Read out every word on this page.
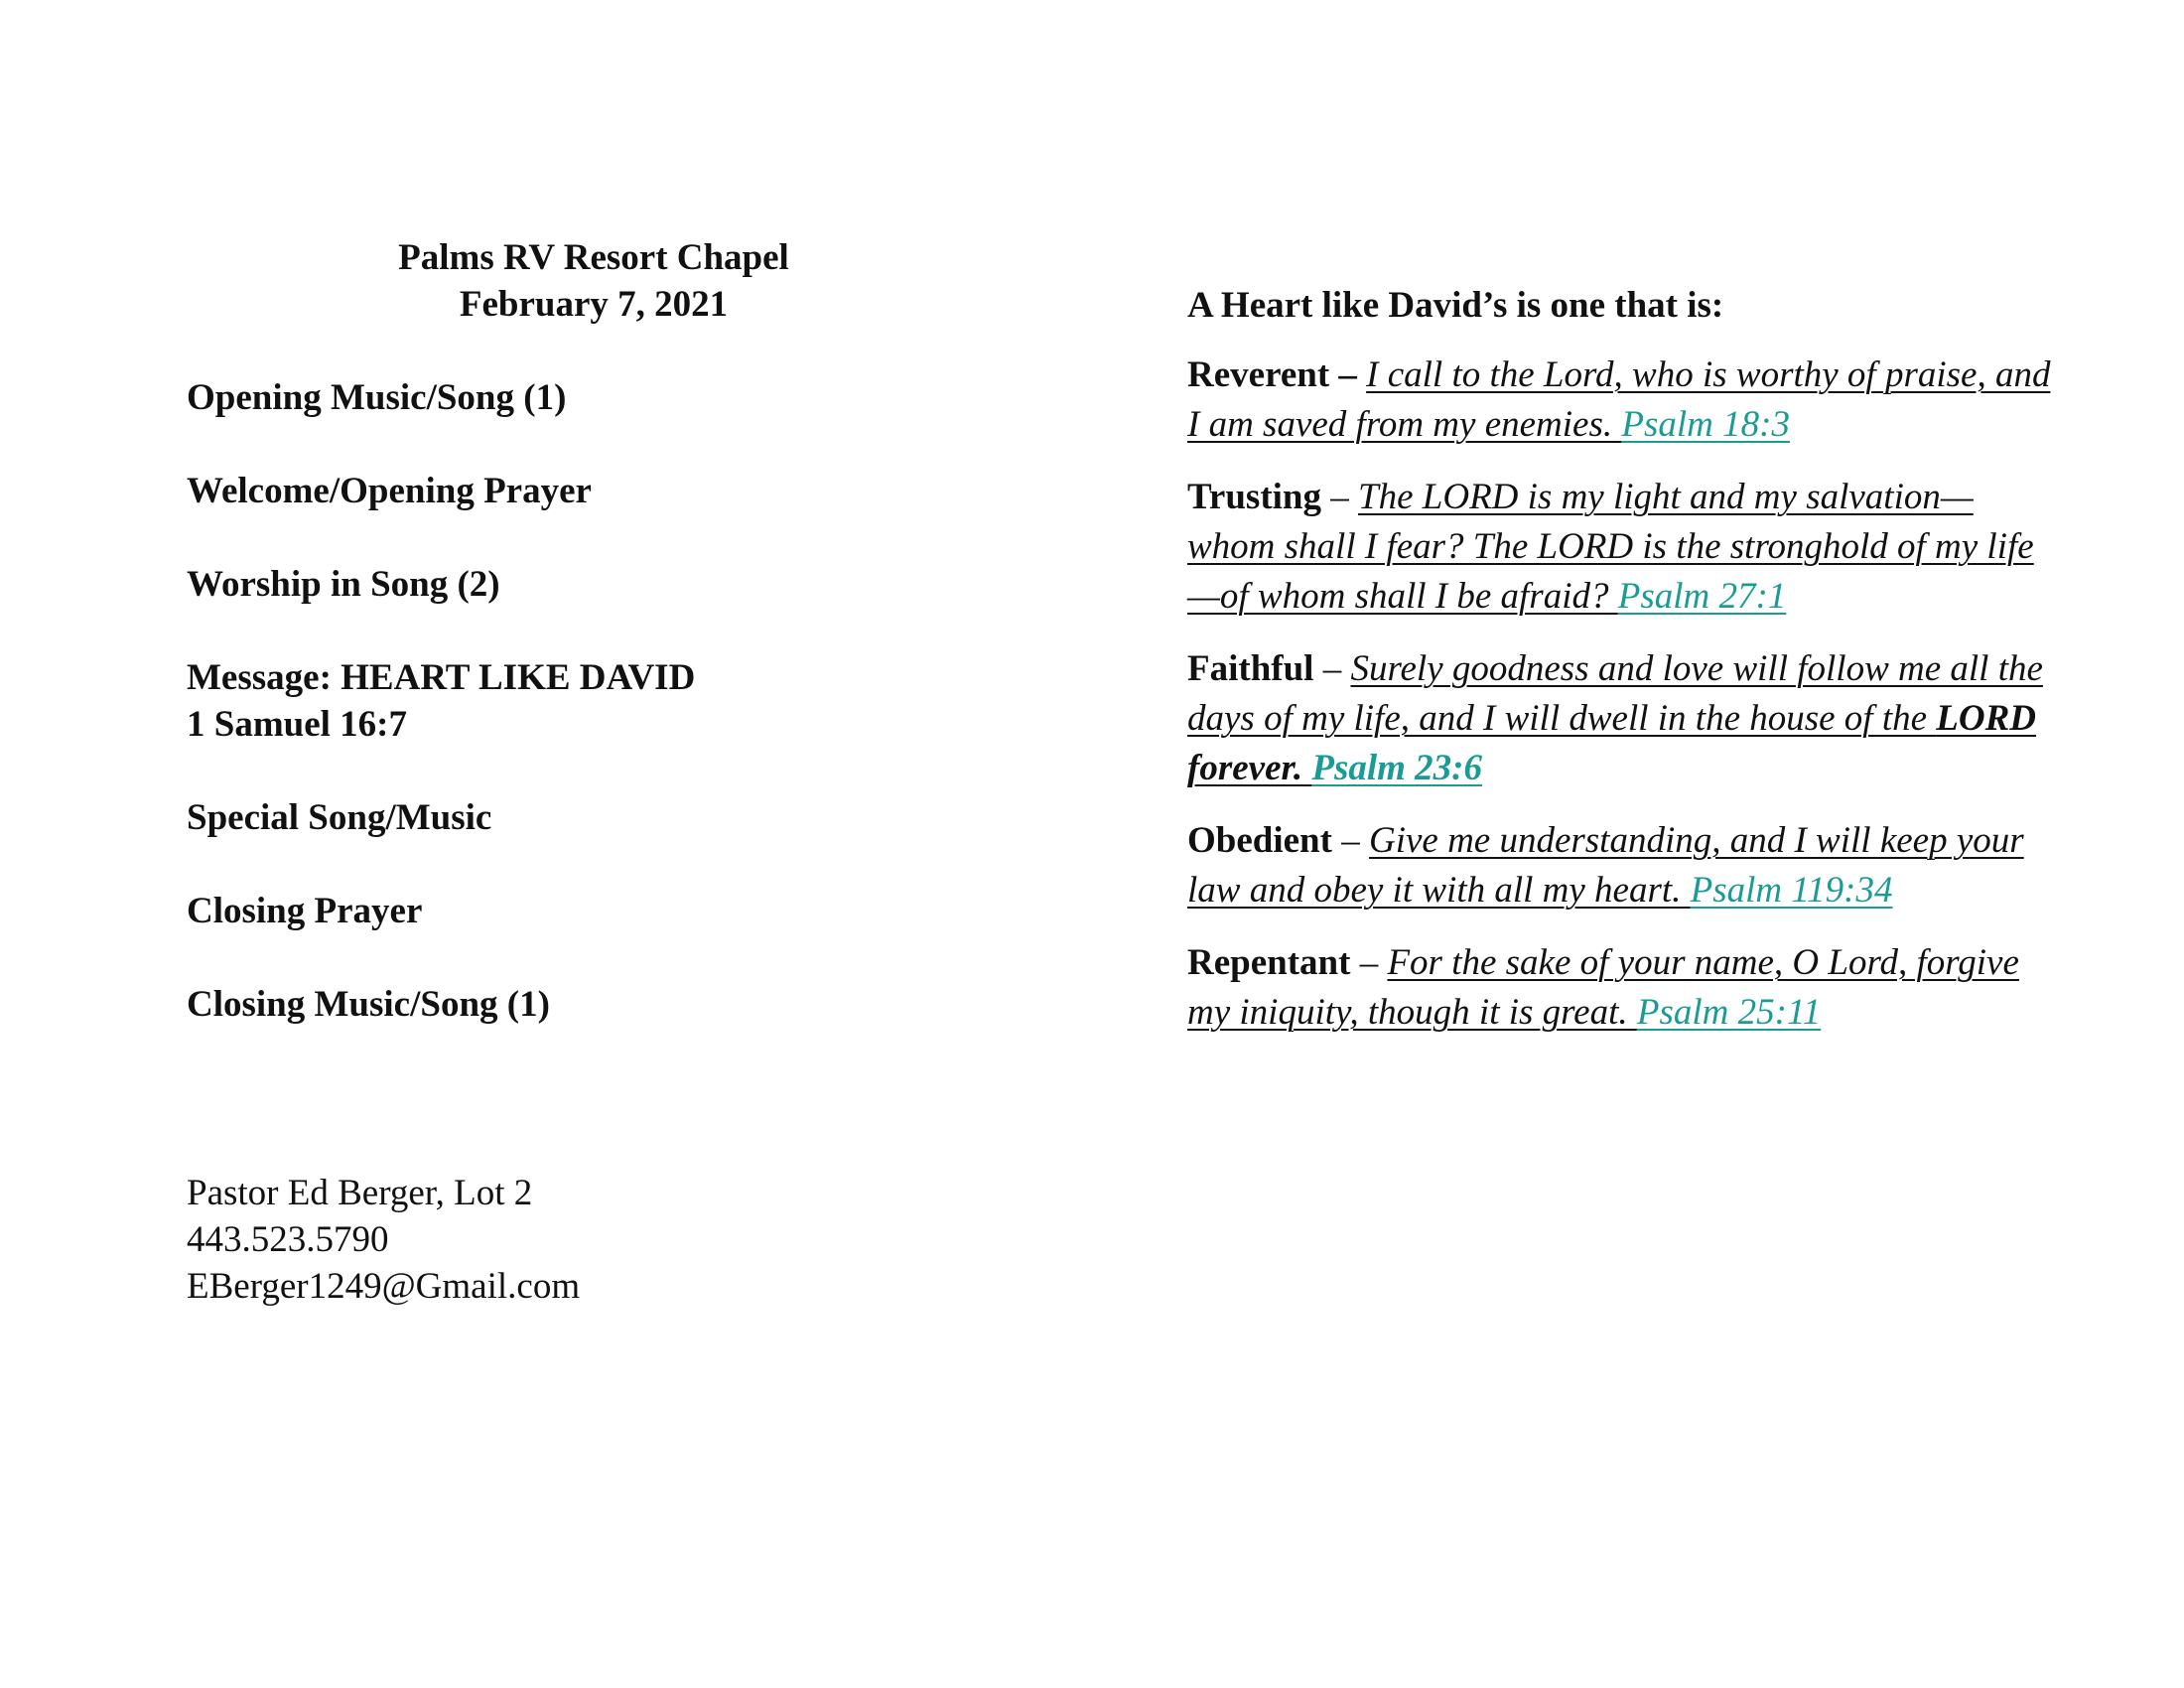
Palms RV Resort Chapel
February 7, 2021
Opening Music/Song (1)
Welcome/Opening Prayer
Worship in Song (2)
Message: HEART LIKE DAVID
1 Samuel 16:7
Special Song/Music
Closing Prayer
Closing Music/Song (1)
Pastor Ed Berger, Lot 2
443.523.5790
EBerger1249@Gmail.com
A Heart like David’s is one that is:
Reverent – I call to the Lord, who is worthy of praise, and I am saved from my enemies. Psalm 18:3
Trusting – The LORD is my light and my salvation—whom shall I fear? The LORD is the stronghold of my life—of whom shall I be afraid? Psalm 27:1
Faithful – Surely goodness and love will follow me all the days of my life, and I will dwell in the house of the LORD forever. Psalm 23:6
Obedient – Give me understanding, and I will keep your law and obey it with all my heart. Psalm 119:34
Repentant – For the sake of your name, O Lord, forgive my iniquity, though it is great. Psalm 25:11
